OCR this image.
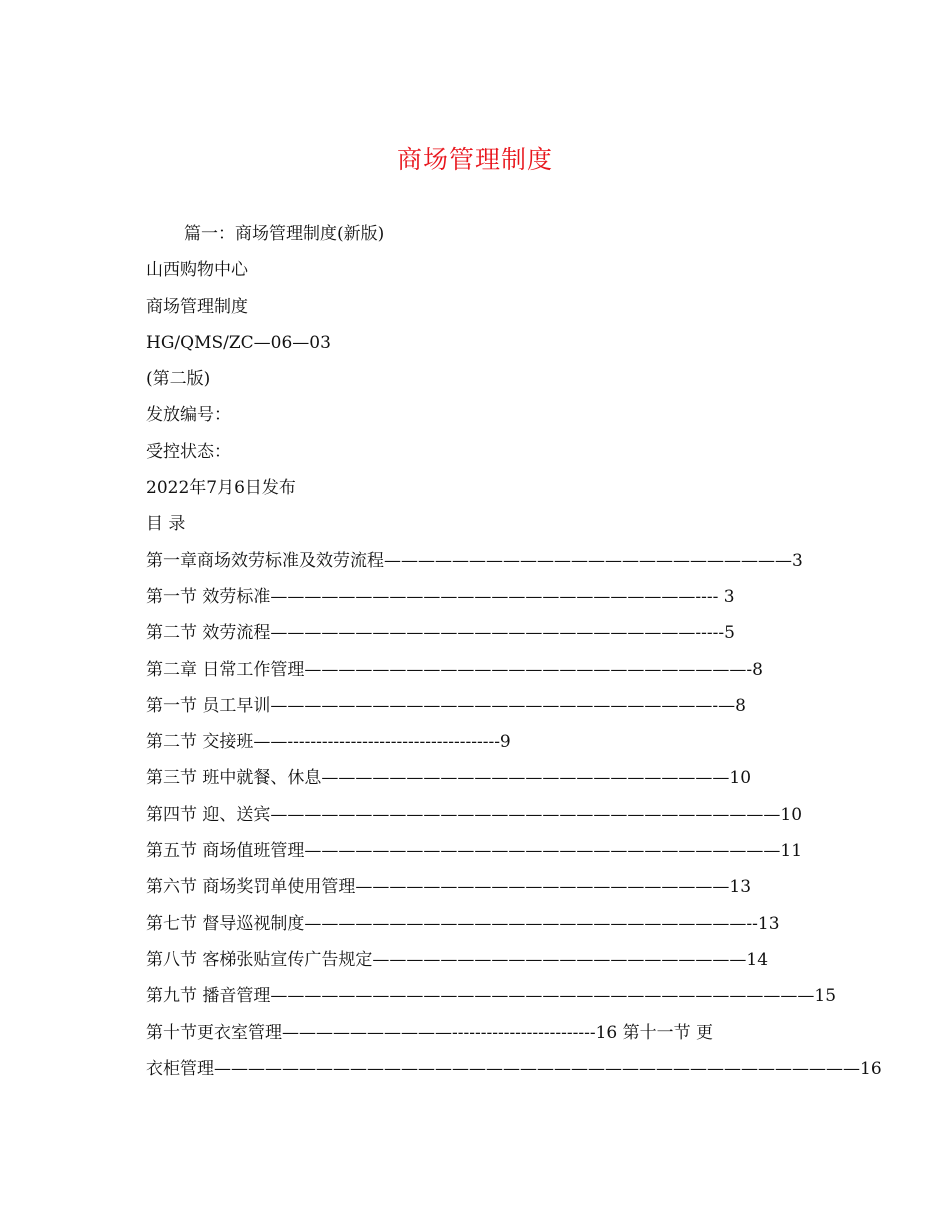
商场管理制度
篇一：商场管理制度(新版)
山西购物中心
商场管理制度
HG/QMS/ZC—06—03
(第二版)
发放编号：
受控状态：
2022年7月6日发布
目 录
第一章商场效劳标准及效劳流程————————————————————————3
第一节 效劳标准—————————————————————————---- 3
第二节 效劳流程—————————————————————————-----5
第二章 日常工作管理——————————————————————————-8
第一节 员工早训——————————————————————————-—8
第二节 交接班——-------------------------------------9
第三节 班中就餐、休息————————————————————————10
第四节 迎、送宾——————————————————————————————10
第五节 商场值班管理————————————————————————————11
第六节 商场奖罚单使用管理——————————————————————13
第七节 督导巡视制度——————————————————————————--13
第八节 客梯张贴宣传广告规定——————————————————————14
第九节 播音管理————————————————————————————————15
第十节更衣室管理——————————-------------------------16 第十一节 更
衣柜管理——————————————————————————————————————16
